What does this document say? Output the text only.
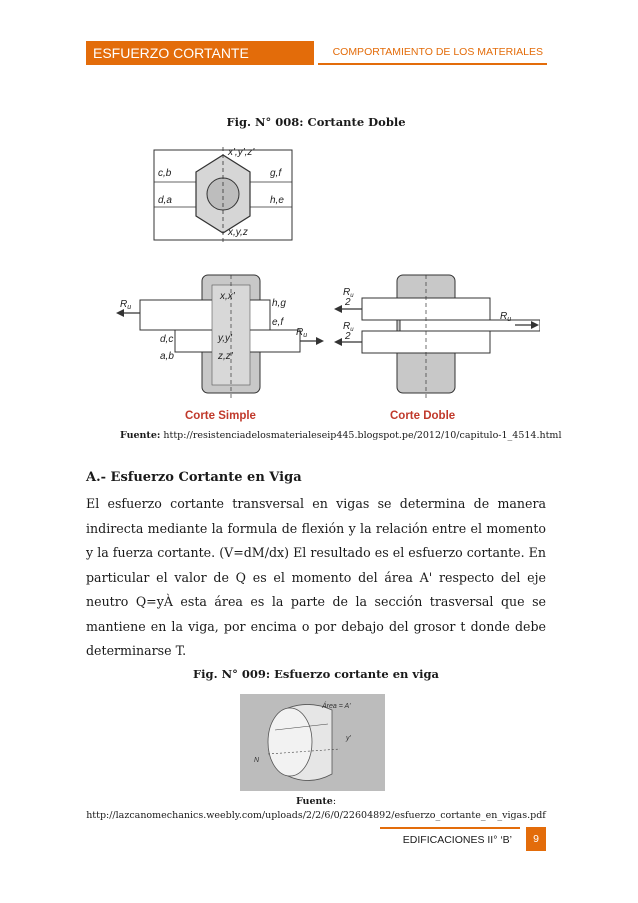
ESFUERZO CORTANTE	COMPORTAMIENTO DE LOS MATERIALES
Fig. N° 008: Cortante Doble
x',y',z'
c,b	g,f
d,a	h,e
x,y,z
$R_u$
x,x'
h,g
e,f
d,c	y,y'
a,b	z,z'
$R_u$
Corte Simple
$R_u$
2
$R_u$
2
$R_u$
Corte Doble
Fuente: http://resistenciadelosmaterialeseip445.blogspot.pe/2012/10/capitulo-1_4514.html
A.- Esfuerzo Cortante en Viga
El esfuerzo cortante transversal en vigas se determina de manera indirecta mediante la formula de flexión y la relación entre el momento y la fuerza cortante. (V=dM/dx) El resultado es el esfuerzo cortante. En particular el valor de Q es el momento del área A' respecto del eje neutro Q=yÀ esta área es la parte de la sección trasversal que se mantiene en la viga, por encima o por debajo del grosor t donde debe determinarse T.
Fig. N° 009: Esfuerzo cortante en viga
Área = A'
y'
N
Fuente:
http://lazcanomechanics.weebly.com/uploads/2/2/6/0/22604892/esfuerzo_cortante_en_vigas.pdf
EDIFICACIONES II° ‘B’	9
